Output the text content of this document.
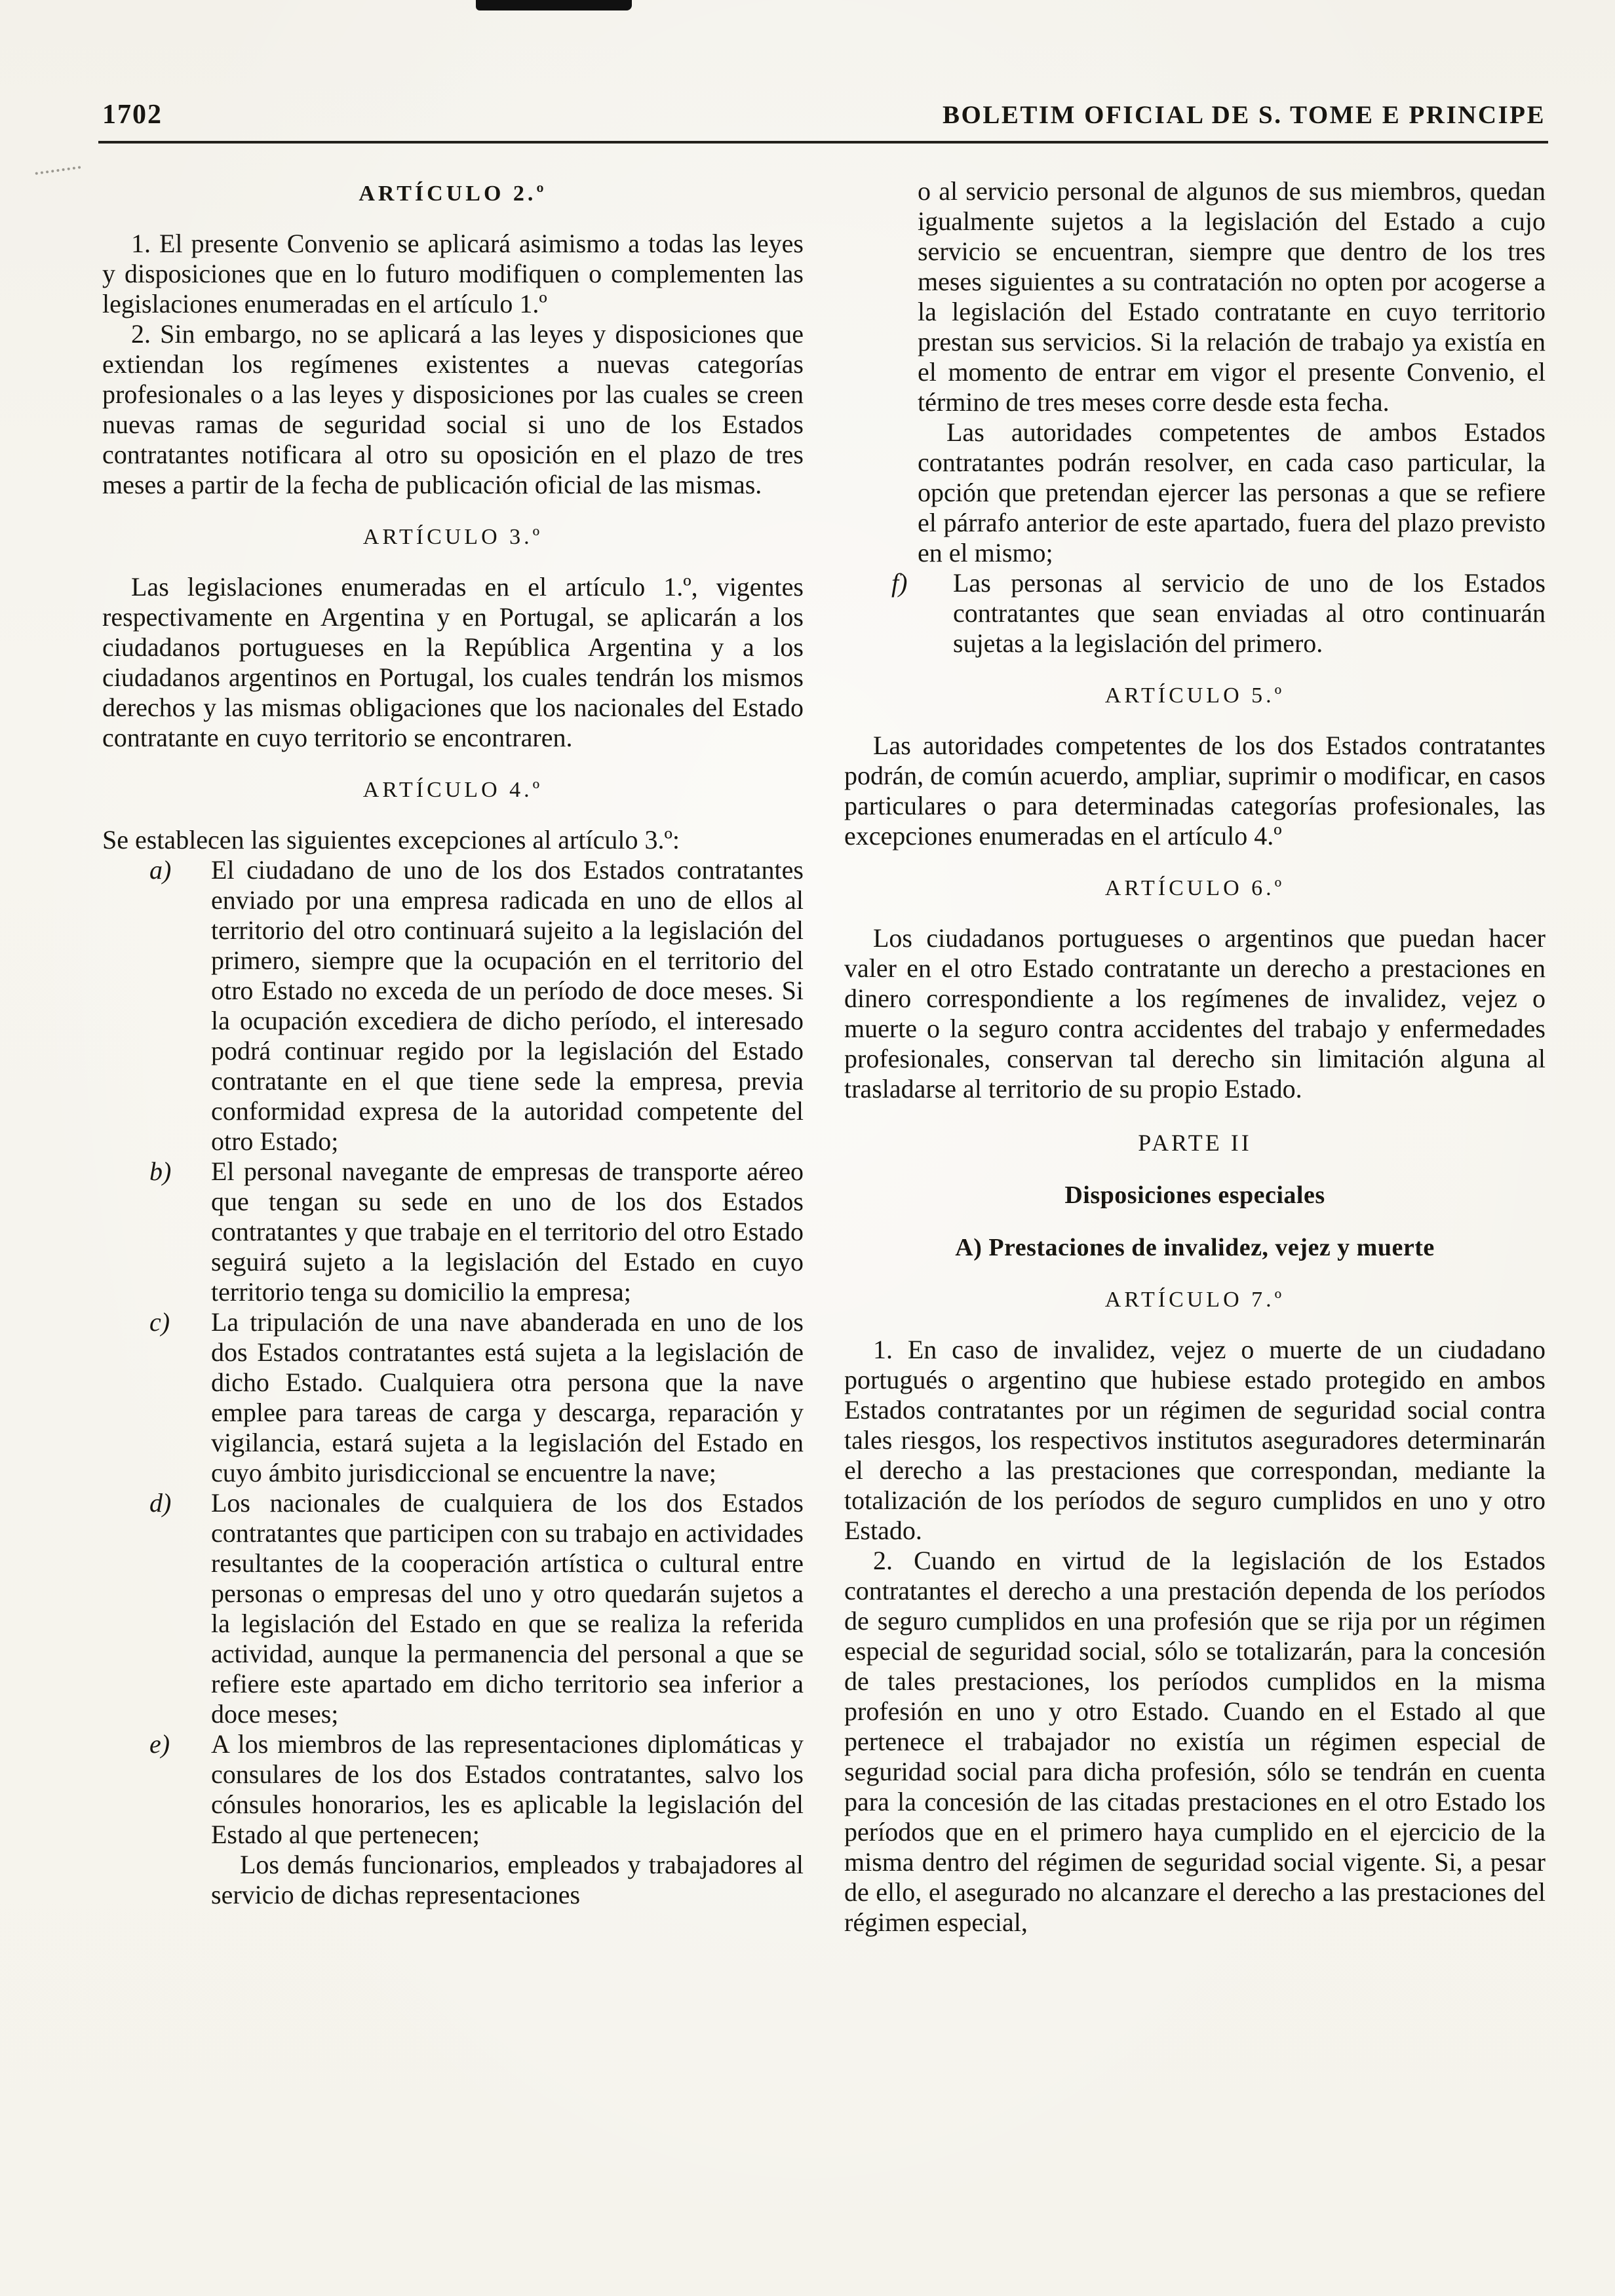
1702	BOLETIM OFICIAL DE S. TOME E PRINCIPE
ARTÍCULO 2.º

1. El presente Convenio se aplicará asimismo a todas las leyes y disposiciones que en lo futuro modifiquen o complementen las legislaciones enumeradas en el artículo 1.º

2. Sin embargo, no se aplicará a las leyes y disposiciones que extiendan los regímenes existentes a nuevas categorías profesionales o a las leyes y disposiciones por las cuales se creen nuevas ramas de seguridad social si uno de los Estados contratantes notificara al otro su oposición en el plazo de tres meses a partir de la fecha de publicación oficial de las mismas.

ARTÍCULO 3.º

Las legislaciones enumeradas en el artículo 1.º, vigentes respectivamente en Argentina y en Portugal, se aplicarán a los ciudadanos portugueses en la República Argentina y a los ciudadanos argentinos en Portugal, los cuales tendrán los mismos derechos y las mismas obligaciones que los nacionales del Estado contratante en cuyo territorio se encontraren.

ARTÍCULO 4.º

Se establecen las siguientes excepciones al artículo 3.º:

a) El ciudadano de uno de los dos Estados contratantes enviado por una empresa radicada en uno de ellos al territorio del otro continuará sujeito a la legislación del primero, siempre que la ocupación en el territorio del otro Estado no exceda de un período de doce meses. Si la ocupación excediera de dicho período, el interesado podrá continuar regido por la legislación del Estado contratante en el que tiene sede la empresa, previa conformidad expresa de la autoridad competente del otro Estado;

b) El personal navegante de empresas de transporte aéreo que tengan su sede en uno de los dos Estados contratantes y que trabaje en el territorio del otro Estado seguirá sujeto a la legislación del Estado en cuyo territorio tenga su domicilio la empresa;

c) La tripulación de una nave abanderada en uno de los dos Estados contratantes está sujeta a la legislación de dicho Estado. Cualquiera otra persona que la nave emplee para tareas de carga y descarga, reparación y vigilancia, estará sujeta a la legislación del Estado en cuyo ámbito jurisdiccional se encuentre la nave;

d) Los nacionales de cualquiera de los dos Estados contratantes que participen con su trabajo en actividades resultantes de la cooperación artística o cultural entre personas o empresas del uno y otro quedarán sujetos a la legislación del Estado en que se realiza la referida actividad, aunque la permanencia del personal a que se refiere este apartado em dicho territorio sea inferior a doce meses;

e) A los miembros de las representaciones diplomáticas y consulares de los dos Estados contratantes, salvo los cónsules honorarios, les es aplicable la legislación del Estado al que pertenecen;

Los demás funcionarios, empleados y trabajadores al servicio de dichas representaciones

o al servicio personal de algunos de sus miembros, quedan igualmente sujetos a la legislación del Estado a cujo servicio se encuentran, siempre que dentro de los tres meses siguientes a su contratación no opten por acogerse a la legislación del Estado contratante en cuyo territorio prestan sus servicios. Si la relación de trabajo ya existía en el momento de entrar em vigor el presente Convenio, el término de tres meses corre desde esta fecha.

Las autoridades competentes de ambos Estados contratantes podrán resolver, en cada caso particular, la opción que pretendan ejercer las personas a que se refiere el párrafo anterior de este apartado, fuera del plazo previsto en el mismo;

f) Las personas al servicio de uno de los Estados contratantes que sean enviadas al otro continuarán sujetas a la legislación del primero.

ARTÍCULO 5.º

Las autoridades competentes de los dos Estados contratantes podrán, de común acuerdo, ampliar, suprimir o modificar, en casos particulares o para determinadas categorías profesionales, las excepciones enumeradas en el artículo 4.º

ARTÍCULO 6.º

Los ciudadanos portugueses o argentinos que puedan hacer valer en el otro Estado contratante un derecho a prestaciones en dinero correspondiente a los regímenes de invalidez, vejez o muerte o la seguro contra accidentes del trabajo y enfermedades profesionales, conservan tal derecho sin limitación alguna al trasladarse al territorio de su propio Estado.

PARTE II
Disposiciones especiales
A) Prestaciones de invalidez, vejez y muerte
ARTÍCULO 7.º

1. En caso de invalidez, vejez o muerte de un ciudadano portugués o argentino que hubiese estado protegido en ambos Estados contratantes por un régimen de seguridad social contra tales riesgos, los respectivos institutos aseguradores determinarán el derecho a las prestaciones que correspondan, mediante la totalización de los períodos de seguro cumplidos en uno y otro Estado.

2. Cuando en virtud de la legislación de los Estados contratantes el derecho a una prestación dependa de los períodos de seguro cumplidos en una profesión que se rija por un régimen especial de seguridad social, sólo se totalizarán, para la concesión de tales prestaciones, los períodos cumplidos en la misma profesión en uno y otro Estado. Cuando en el Estado al que pertenece el trabajador no existía un régimen especial de seguridad social para dicha profesión, sólo se tendrán en cuenta para la concesión de las citadas prestaciones en el otro Estado los períodos que en el primero haya cumplido en el ejercicio de la misma dentro del régimen de seguridad social vigente. Si, a pesar de ello, el asegurado no alcanzare el derecho a las prestaciones del régimen especial,
